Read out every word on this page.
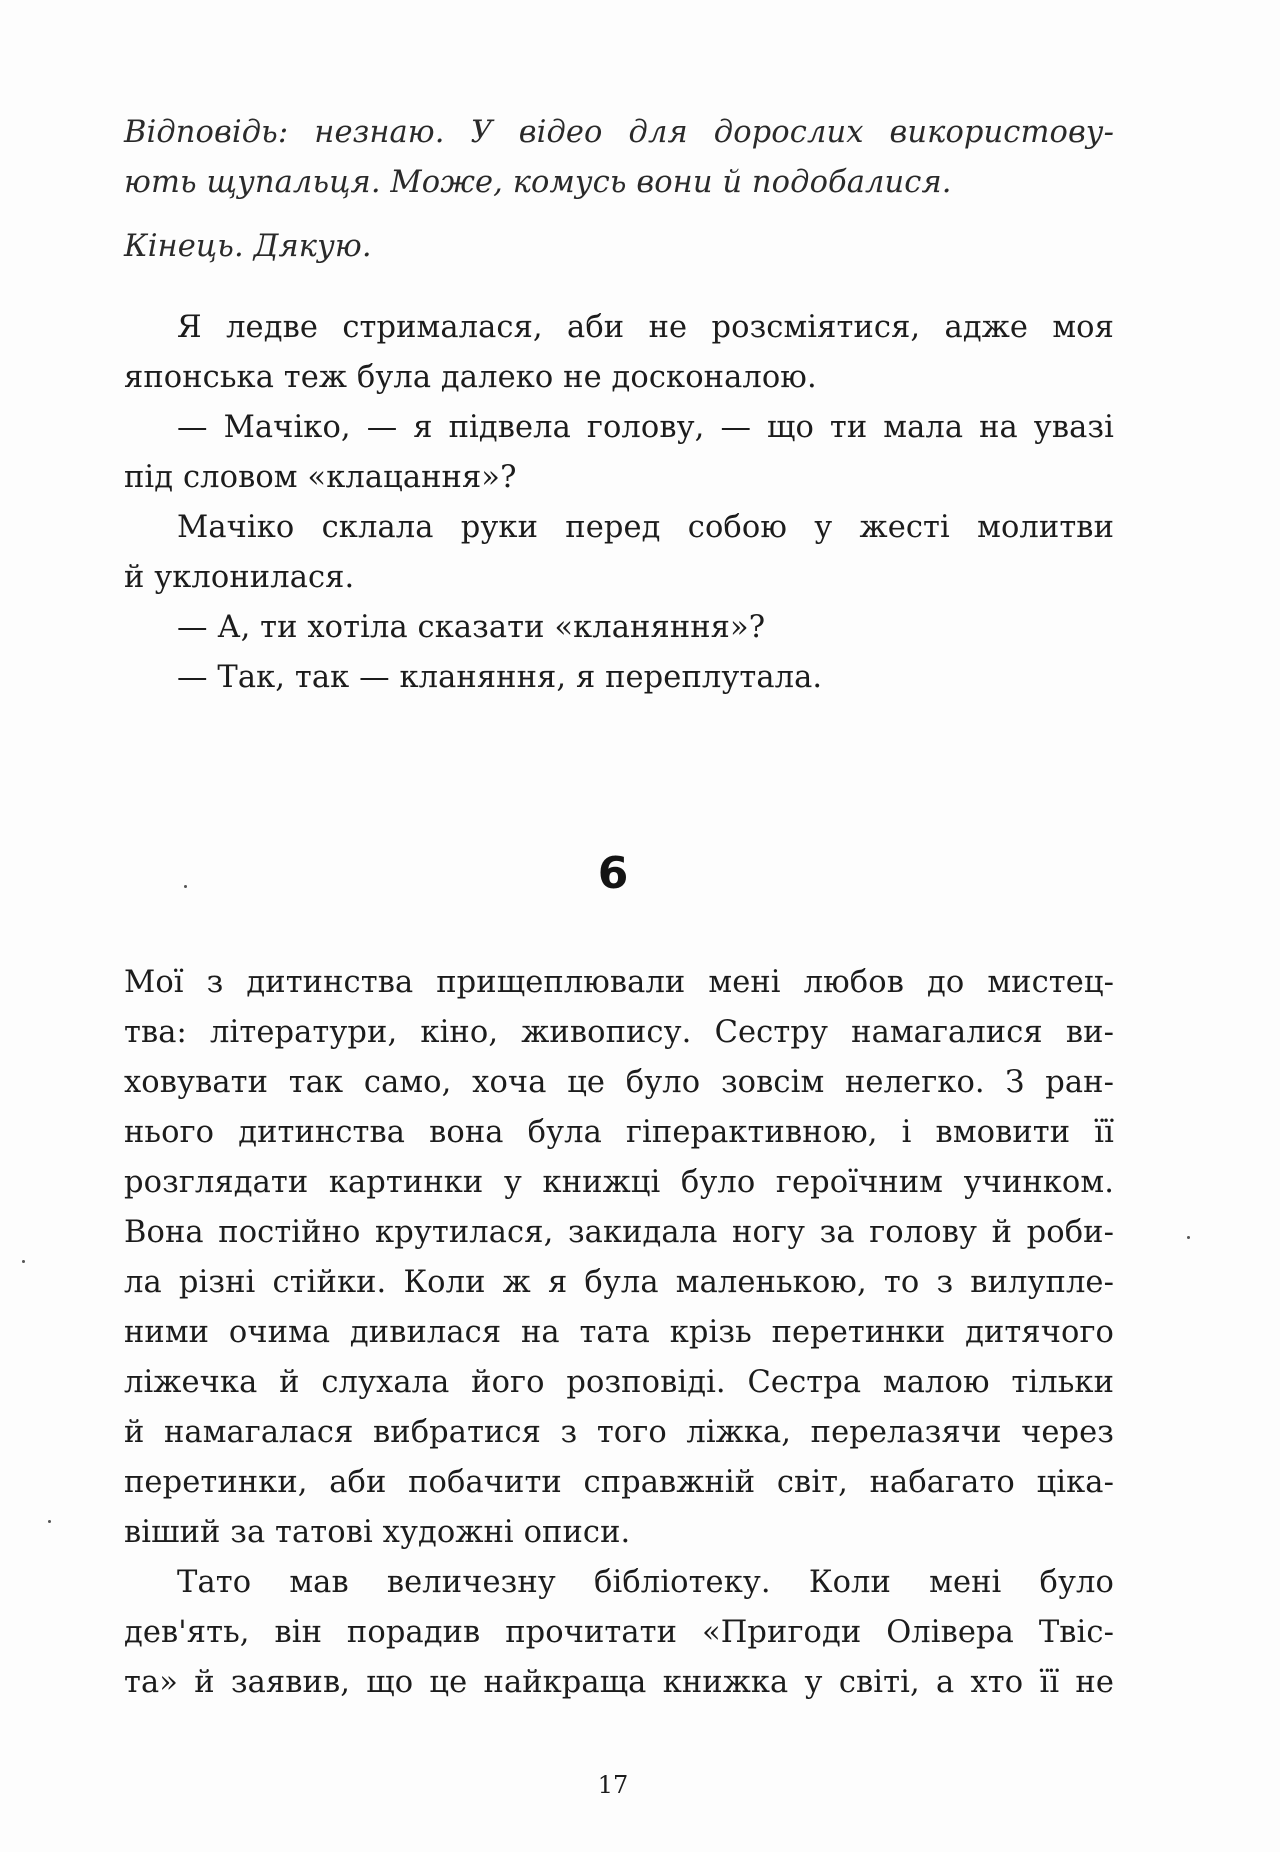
Відповідь: незнаю. У відео для дорослих використову-
ють щупальця. Може, комусь вони й подобалися.
Кінець. Дякую.
Я ледве стрималася, аби не розсміятися, адже моя
японська теж була далеко не досконалою.
— Мачіко, — я підвела голову, — що ти мала на увазі
під словом «клацання»?
Мачіко склала руки перед собою у жесті молитви
й уклонилася.
— А, ти хотіла сказати «кланяння»?
— Так, так — кланяння, я переплутала.
6
Мої з дитинства прищеплювали мені любов до мистец-
тва: літератури, кіно, живопису. Сестру намагалися ви-
ховувати так само, хоча це було зовсім нелегко. З ран-
нього дитинства вона була гіперактивною, і вмовити її
розглядати картинки у книжці було героїчним учинком.
Вона постійно крутилася, закидала ногу за голову й роби-
ла різні стійки. Коли ж я була маленькою, то з вилупле-
ними очима дивилася на тата крізь перетинки дитячого
ліжечка й слухала його розповіді. Сестра малою тільки
й намагалася вибратися з того ліжка, перелазячи через
перетинки, аби побачити справжній світ, набагато ціка-
віший за татові художні описи.
Тато мав величезну бібліотеку. Коли мені було
дев'ять, він порадив прочитати «Пригоди Олівера Твіс-
та» й заявив, що це найкраща книжка у світі, а хто її не
17
